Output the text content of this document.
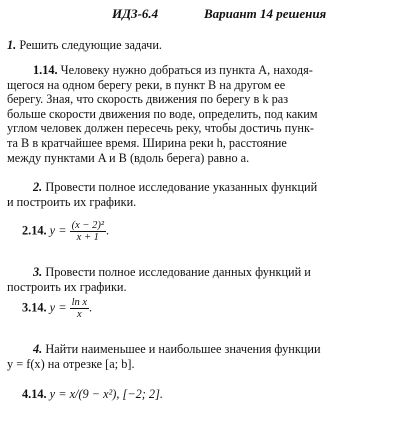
ИДЗ-6.4	Вариант 14 решения
1. Решить следующие задачи.
1.14. Человеку нужно добраться из пункта A, находя-
щегося на одном берегу реки, в пункт B на другом ее
берегу. Зная, что скорость движения по берегу в k раз
больше скорости движения по воде, определить, под каким
углом человек должен пересечь реку, чтобы достичь пунк-
та B в кратчайшее время. Ширина реки h, расстояние
между пунктами A и B (вдоль берега) равно a.
2. Провести полное исследование указанных функций
и построить их графики.
2.14. $y = \frac{\text{(x − 2)²}}{x + 1}$ .
3. Провести полное исследование данных функций и
построить их графики.
3.14. $y = \frac{\text{ln x}}{x}$ .
4. Найти наименьшее и наибольшее значения функции
y = f(x) на отрезке [a; b].
4.14. y = x/(9 − x²), [−2; 2].
